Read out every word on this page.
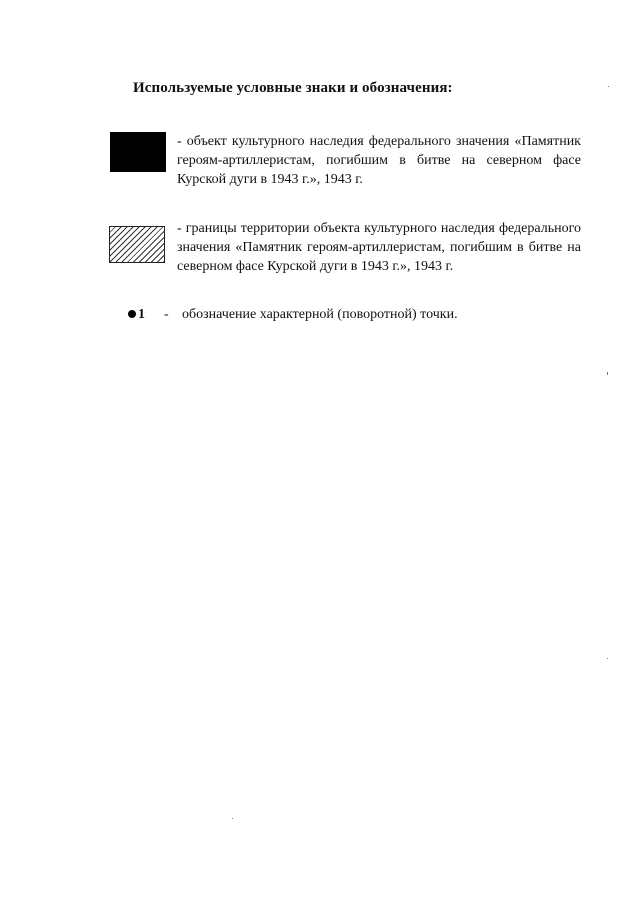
Используемые условные знаки и обозначения:
- объект культурного наследия федерального значения «Памятник героям-артиллеристам, погибшим в битве на северном фасе Курской дуги в 1943 г.», 1943 г.
- границы территории объекта культурного наследия федерального значения «Памятник героям-артиллеристам, погибшим в битве на северном фасе Курской дуги в 1943 г.», 1943 г.
1 - обозначение характерной (поворотной) точки.
